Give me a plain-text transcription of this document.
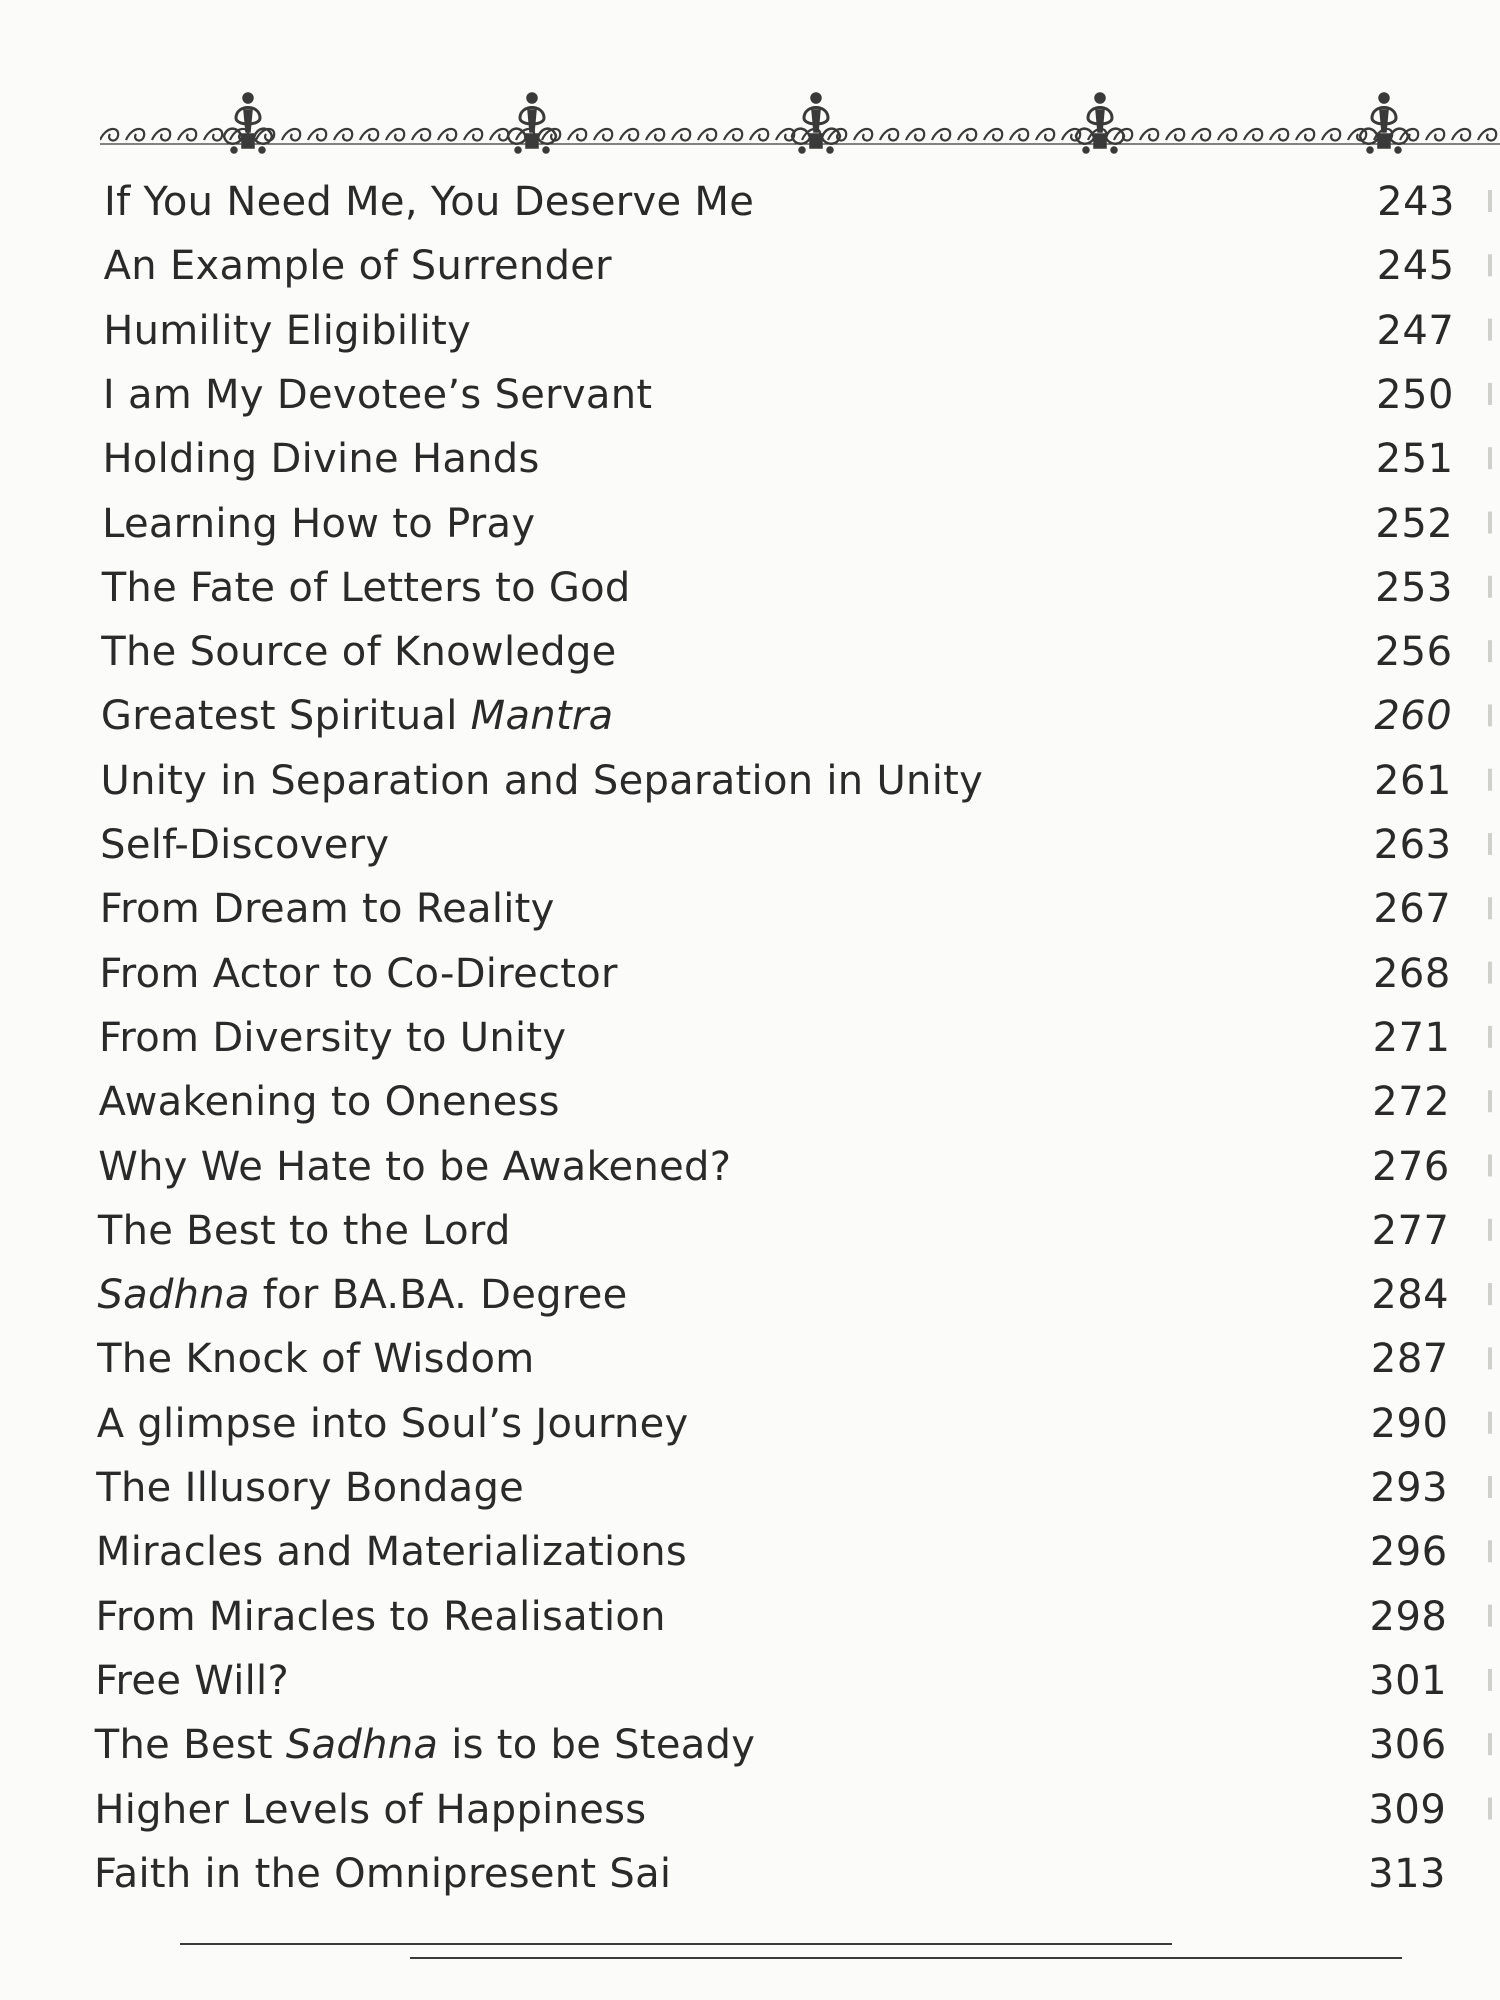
If You Need Me, You Deserve Me	243
An Example of Surrender	245
Humility Eligibility	247
I am My Devotee’s Servant	250
Holding Divine Hands	251
Learning How to Pray	252
The Fate of Letters to God	253
The Source of Knowledge	256
Greatest Spiritual Mantra	260
Unity in Separation and Separation in Unity	261
Self-Discovery	263
From Dream to Reality	267
From Actor to Co-Director	268
From Diversity to Unity	271
Awakening to Oneness	272
Why We Hate to be Awakened?	276
The Best to the Lord	277
Sadhna for BA.BA. Degree	284
The Knock of Wisdom	287
A glimpse into Soul’s Journey	290
The Illusory Bondage	293
Miracles and Materializations	296
From Miracles to Realisation	298
Free Will?	301
The Best Sadhna is to be Steady	306
Higher Levels of Happiness	309
Faith in the Omnipresent Sai	313
